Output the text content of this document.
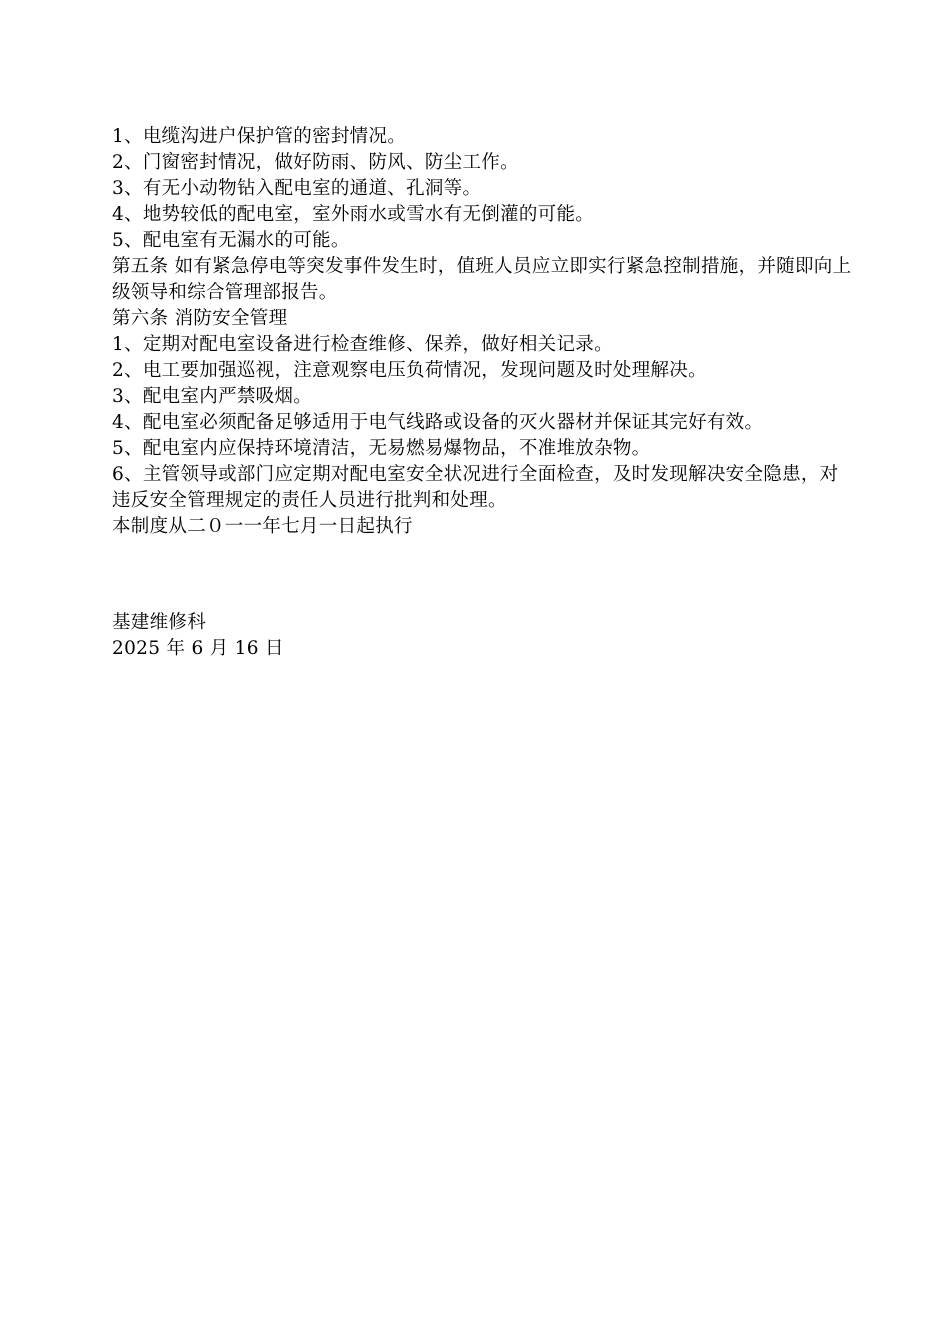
1、电缆沟进户保护管的密封情况。

2、门窗密封情况，做好防雨、防风、防尘工作。

3、有无小动物钻入配电室的通道、孔洞等。

4、地势较低的配电室，室外雨水或雪水有无倒灌的可能。

5、配电室有无漏水的可能。

第五条 如有紧急停电等突发事件发生时，值班人员应立即实行紧急控制措施，并随即向上级领导和综合管理部报告。

第六条 消防安全管理

1、定期对配电室设备进行检查维修、保养，做好相关记录。

2、电工要加强巡视，注意观察电压负荷情况，发现问题及时处理解决。

3、配电室内严禁吸烟。

4、配电室必须配备足够适用于电气线路或设备的灭火器材并保证其完好有效。

5、配电室内应保持环境清洁，无易燃易爆物品，不准堆放杂物。

6、主管领导或部门应定期对配电室安全状况进行全面检查，及时发现解决安全隐患，对违反安全管理规定的责任人员进行批判和处理。

本制度从二０一一年七月一日起执行

基建维修科

2025 年 6 月 16 日
